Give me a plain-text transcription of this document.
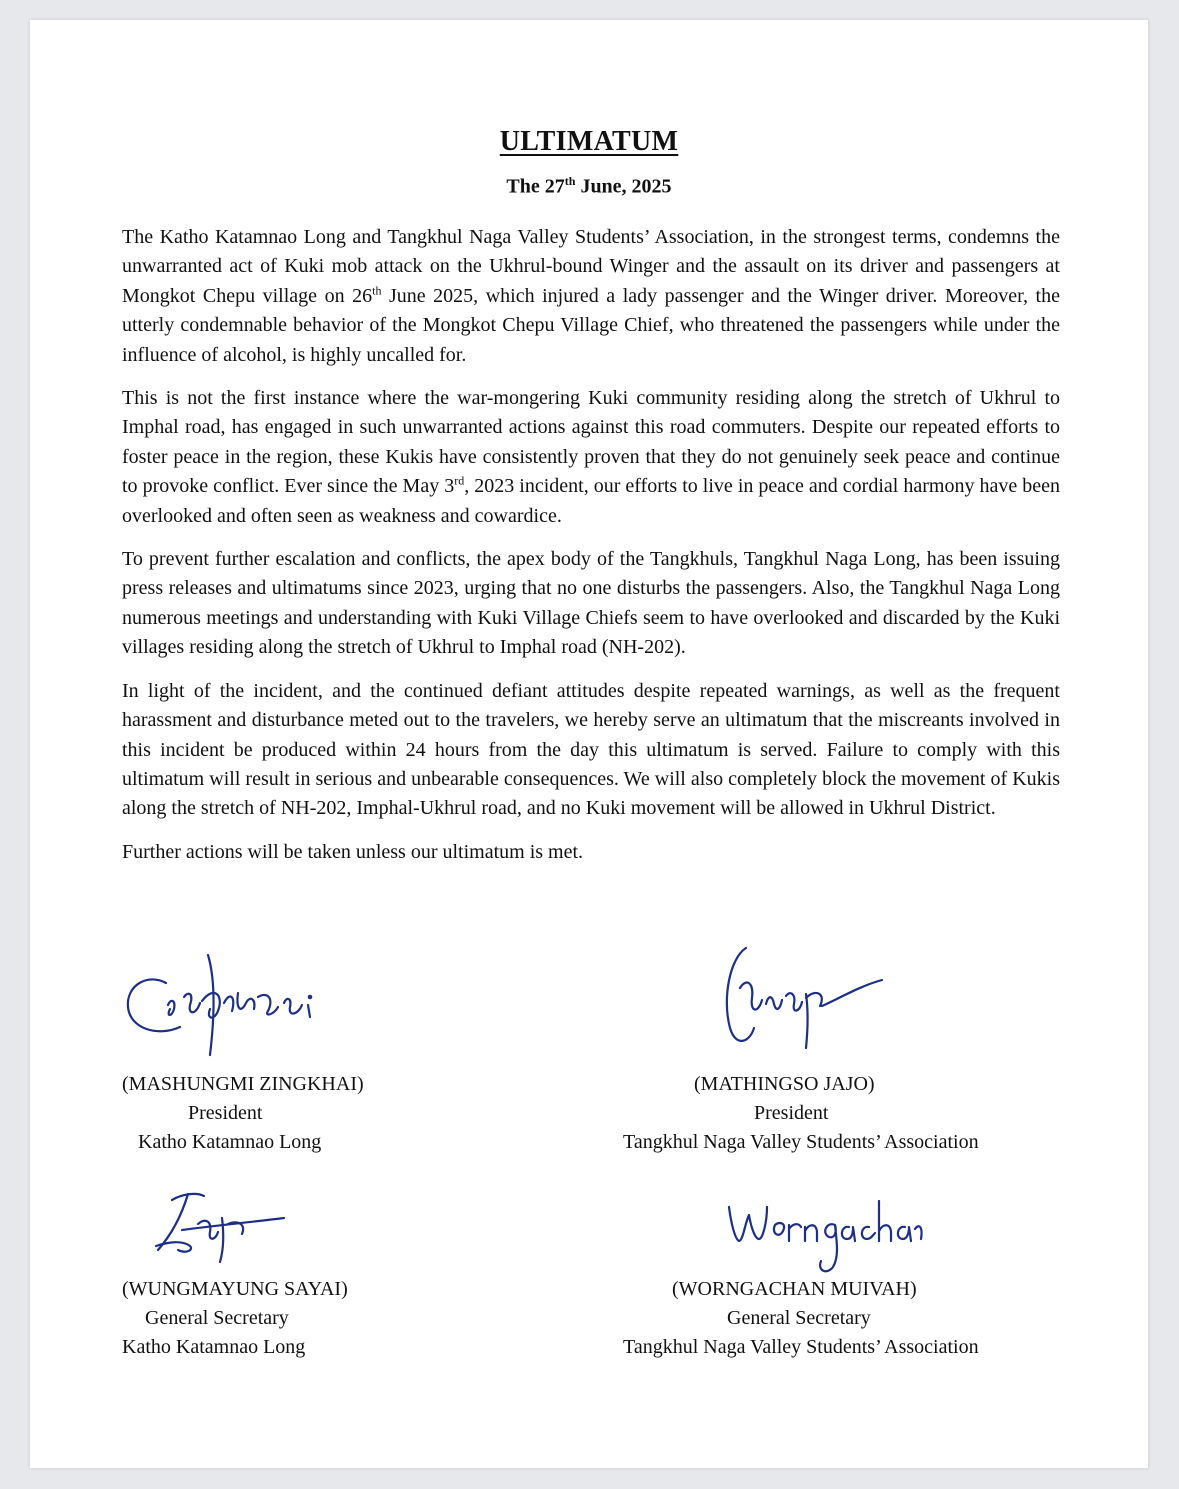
ULTIMATUM
The 27th June, 2025

The Katho Katamnao Long and Tangkhul Naga Valley Students’ Association, in the strongest terms, condemns the unwarranted act of Kuki mob attack on the Ukhrul-bound Winger and the assault on its driver and passengers at Mongkot Chepu village on 26th June 2025, which injured a lady passenger and the Winger driver. Moreover, the utterly condemnable behavior of the Mongkot Chepu Village Chief, who threatened the passengers while under the influence of alcohol, is highly uncalled for.

This is not the first instance where the war-mongering Kuki community residing along the stretch of Ukhrul to Imphal road, has engaged in such unwarranted actions against this road commuters. Despite our repeated efforts to foster peace in the region, these Kukis have consistently proven that they do not genuinely seek peace and continue to provoke conflict. Ever since the May 3rd, 2023 incident, our efforts to live in peace and cordial harmony have been overlooked and often seen as weakness and cowardice.

To prevent further escalation and conflicts, the apex body of the Tangkhuls, Tangkhul Naga Long, has been issuing press releases and ultimatums since 2023, urging that no one disturbs the passengers. Also, the Tangkhul Naga Long numerous meetings and understanding with Kuki Village Chiefs seem to have overlooked and discarded by the Kuki villages residing along the stretch of Ukhrul to Imphal road (NH-202).

In light of the incident, and the continued defiant attitudes despite repeated warnings, as well as the frequent harassment and disturbance meted out to the travelers, we hereby serve an ultimatum that the miscreants involved in this incident be produced within 24 hours from the day this ultimatum is served. Failure to comply with this ultimatum will result in serious and unbearable consequences. We will also completely block the movement of Kukis along the stretch of NH-202, Imphal-Ukhrul road, and no Kuki movement will be allowed in Ukhrul District.

Further actions will be taken unless our ultimatum is met.

(MASHUNGMI ZINGKHAI)
President
Katho Katamnao Long
(MATHINGSO JAJO)
President
Tangkhul Naga Valley Students’ Association
(WUNGMAYUNG SAYAI)
General Secretary
Katho Katamnao Long
(WORNGACHAN MUIVAH)
General Secretary
Tangkhul Naga Valley Students’ Association
